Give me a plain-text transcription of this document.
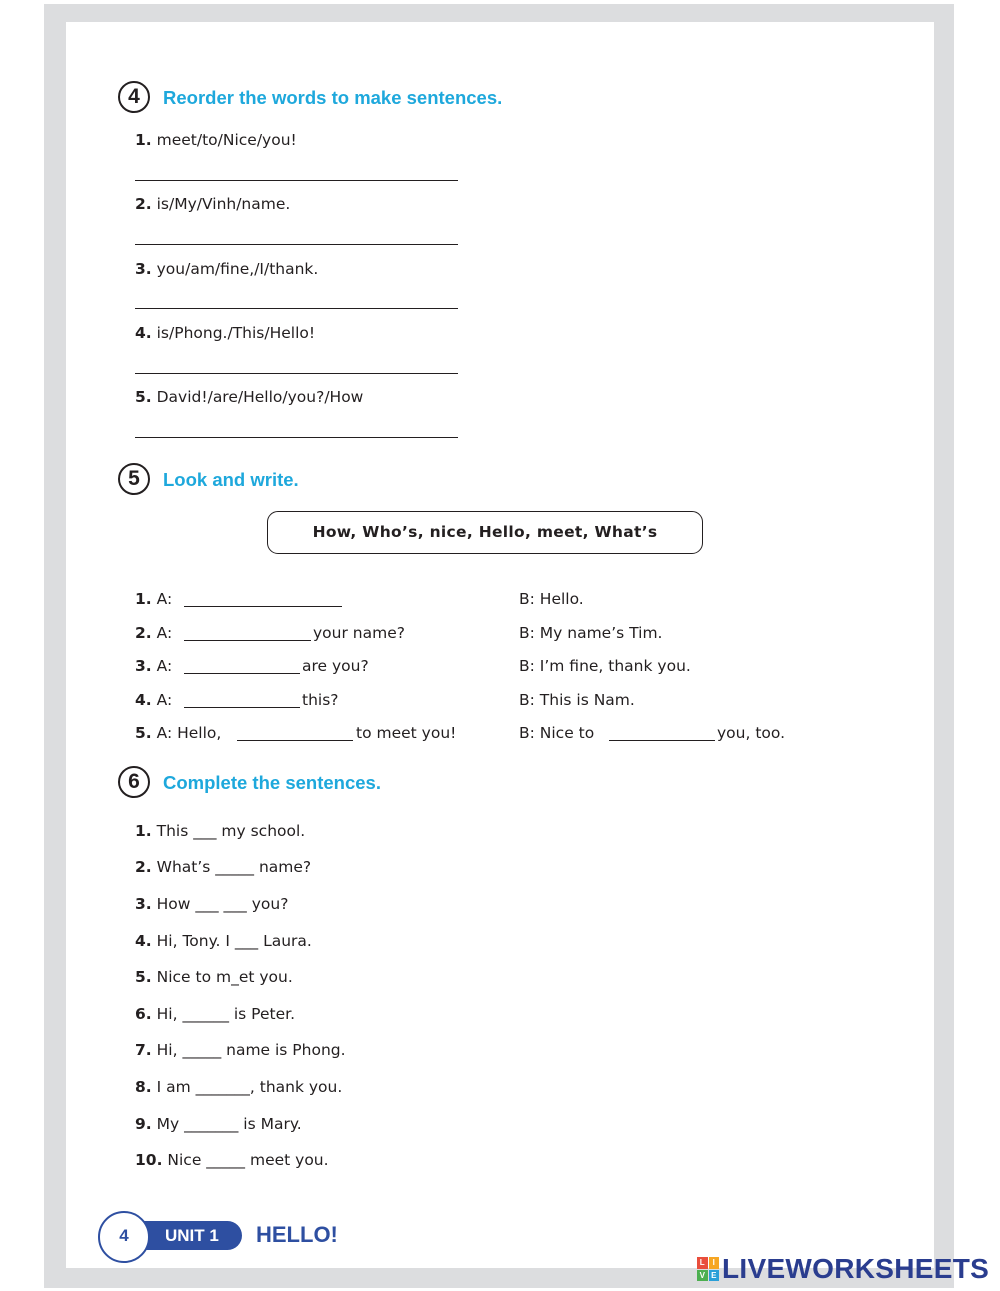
4	Reorder the words to make sentences.
1. meet/to/Nice/you!
2. is/My/Vinh/name.
3. you/am/fine,/I/thank.
4. is/Phong./This/Hello!
5. David!/are/Hello/you?/How
5	Look and write.
How, Who’s, nice, Hello, meet, What’s
1. A:	B: Hello.
2. A:	your name?	B: My name’s Tim.
3. A:	are you?	B: I’m fine, thank you.
4. A:	this?	B: This is Nam.
5. A: Hello,	to meet you!	B: Nice to	you, too.
6	Complete the sentences.
1. This ___ my school.
2. What’s _____ name?
3. How ___ ___ you?
4. Hi, Tony. I ___ Laura.
5. Nice to m_et you.
6. Hi, ______ is Peter.
7. Hi, _____ name is Phong.
8. I am _______, thank you.
9. My _______ is Mary.
10. Nice _____ meet you.
4	UNIT 1	HELLO!
L I
V E LIVEWORKSHEETS
